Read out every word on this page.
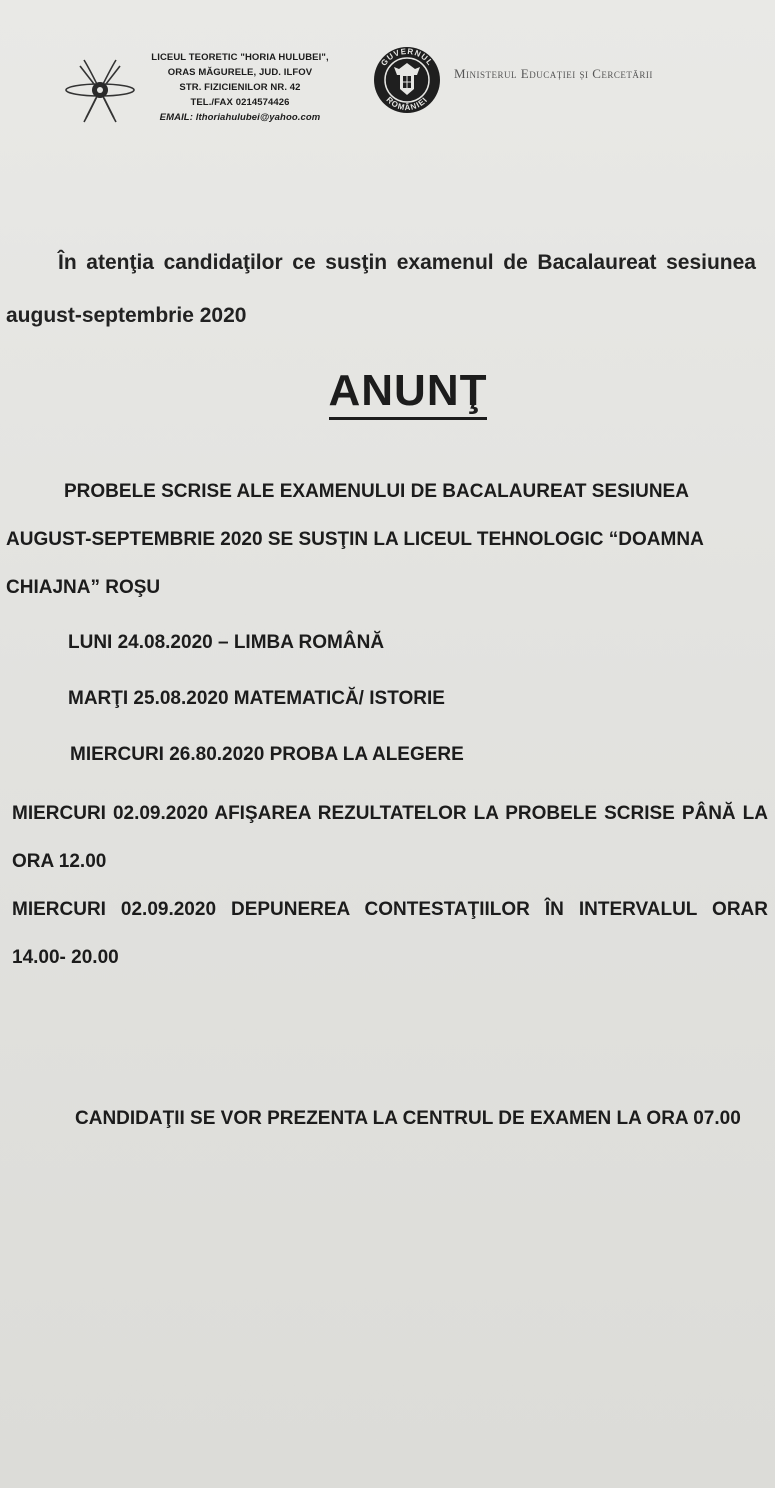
LICEUL TEORETIC "HORIA HULUBEI",
ORAS MĂGURELE, JUD. ILFOV
STR. FIZICIENILOR NR. 42
TEL./FAX 0214574426
EMAIL: lthoriahulubei@yahoo.com
GUVERNUL
ROMÂNIEI
Ministerul Educației și Cercetării
În atenţia candidaţilor ce susţin examenul de Bacalaureat sesiunea august-septembrie 2020
ANUNŢ
PROBELE SCRISE ALE EXAMENULUI DE BACALAUREAT SESIUNEA AUGUST-SEPTEMBRIE 2020 SE SUSŢIN LA LICEUL TEHNOLOGIC “DOAMNA CHIAJNA” ROŞU
LUNI 24.08.2020 – LIMBA ROMÂNĂ
MARŢI 25.08.2020 MATEMATICĂ/ ISTORIE
MIERCURI 26.80.2020 PROBA LA ALEGERE
MIERCURI 02.09.2020 AFIŞAREA REZULTATELOR LA PROBELE SCRISE PÂNĂ LA ORA 12.00
MIERCURI 02.09.2020 DEPUNEREA CONTESTAŢIILOR ÎN INTERVALUL ORAR 14.00- 20.00
CANDIDAŢII SE VOR PREZENTA LA CENTRUL DE EXAMEN LA ORA 07.00
